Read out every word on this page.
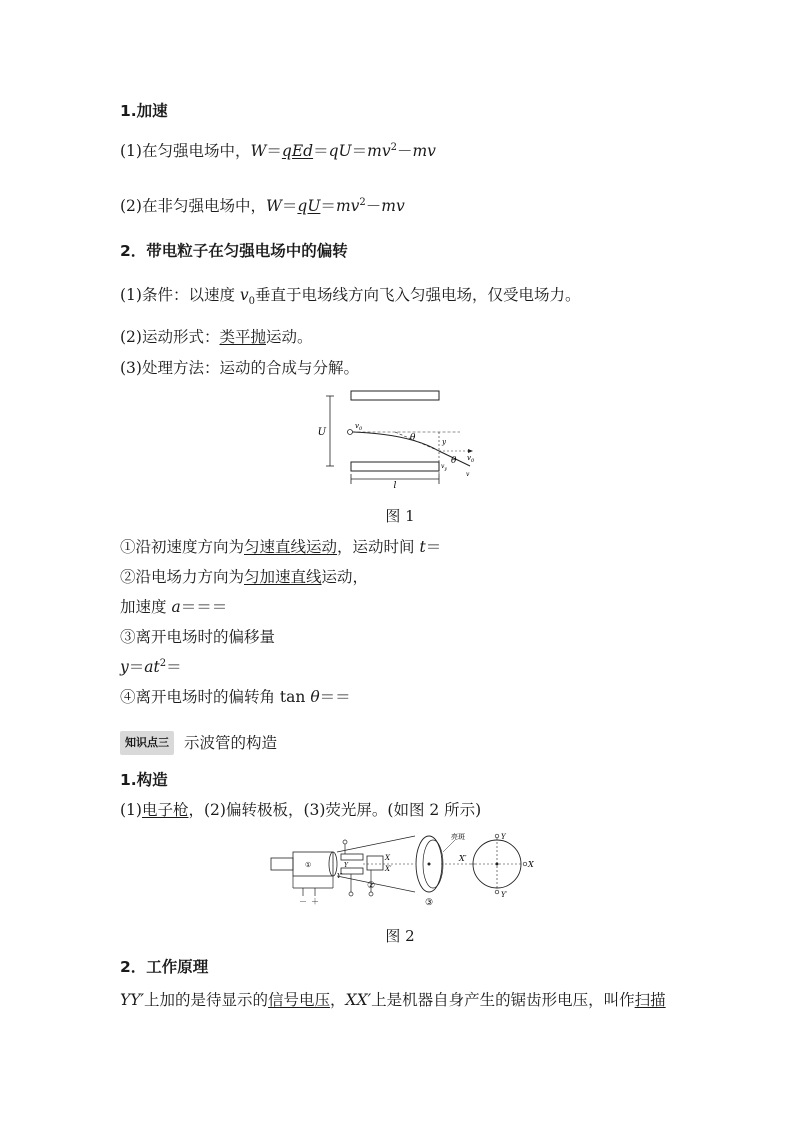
1.加速
(1)在匀强电场中，$W=qEd=qU=mv^2-mv$
(2)在非匀强电场中，$W=qU=mv^2-mv$
2．带电粒子在匀强电场中的偏转
(1)条件：以速度 $v_0$垂直于电场线方向飞入匀强电场，仅受电场力。
(2)运动形式：类平抛运动。
(3)处理方法：运动的合成与分解。
U
$v_0$
θ	y
θ $v_0$
$v_y$
v
l
图 1
①沿初速度方向为匀速直线运动，运动时间 t＝
②沿电场力方向为匀加速直线运动，
加速度 a＝＝＝
③离开电场时的偏移量
$y=at^2=$
④离开电场时的偏转角 tan θ＝＝
知识点三 示波管的构造
1.构造
(1)电子枪，(2)偏转极板，(3)荧光屏。(如图 2 所示)
①
－ ＋
Y
Y′
X
X′
②
③
亮斑
X′
Y
Y′
X
图 2
2．工作原理
YY′上加的是待显示的信号电压，XX′上是机器自身产生的锯齿形电压，叫作扫描
